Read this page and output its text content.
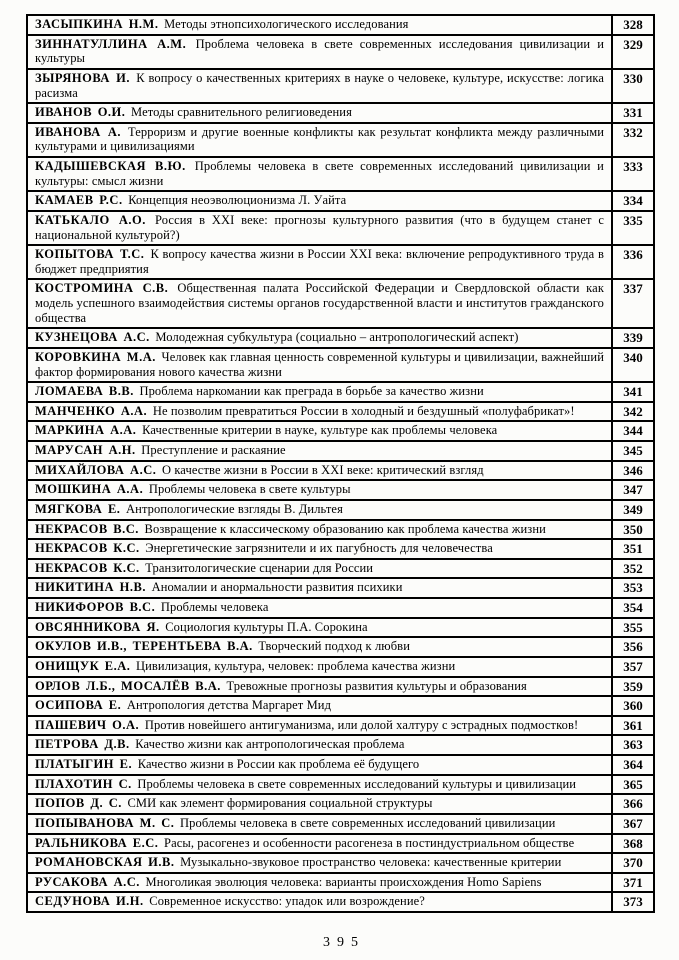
ЗАСЫПКИНА Н.М. Методы этнопсихологического исследования	328
ЗИННАТУЛЛИНА А.М. Проблема человека в свете современных исследования цивилизации и культуры	329
ЗЫРЯНОВА И. К вопросу о качественных критериях в науке о человеке, культуре, искусстве: логика расизма	330
ИВАНОВ О.И. Методы сравнительного религиоведения	331
ИВАНОВА А. Терроризм и другие военные конфликты как результат конфликта между различными культурами и цивилизациями	332
КАДЫШЕВСКАЯ В.Ю. Проблемы человека в свете современных исследований цивилизации и культуры: смысл жизни	333
КАМАЕВ Р.С. Концепция неоэволюционизма Л. Уайта	334
КАТЬКАЛО А.О. Россия в XXI веке: прогнозы культурного развития (что в будущем станет с национальной культурой?)	335
КОПЫТОВА Т.С. К вопросу качества жизни в России XXI века: включение репродуктивного труда в бюджет предприятия	336
КОСТРОМИНА С.В. Общественная палата Российской Федерации и Свердловской области как модель успешного взаимодействия системы органов государственной власти и институтов гражданского общества	337
КУЗНЕЦОВА А.С. Молодежная субкультура (социально – антропологический аспект)	339
КОРОВКИНА М.А. Человек как главная ценность современной культуры и цивилизации, важнейший фактор формирования нового качества жизни	340
ЛОМАЕВА В.В. Проблема наркомании как преграда в борьбе за качество жизни	341
МАНЧЕНКО А.А. Не позволим превратиться России в холодный и бездушный «полуфабрикат»!	342
МАРКИНА А.А. Качественные критерии в науке, культуре как проблемы человека	344
МАРУСАН А.Н. Преступление и раскаяние	345
МИХАЙЛОВА А.С. О качестве жизни в России в XXI веке: критический взгляд	346
МОШКИНА А.А. Проблемы человека в свете культуры	347
МЯГКОВА Е. Антропологические взгляды В. Дильтея	349
НЕКРАСОВ В.С. Возвращение к классическому образованию как проблема качества жизни	350
НЕКРАСОВ К.С. Энергетические загрязнители и их пагубность для человечества	351
НЕКРАСОВ К.С. Транзитологические сценарии для России	352
НИКИТИНА Н.В. Аномалии и анормальности развития психики	353
НИКИФОРОВ В.С. Проблемы человека	354
ОВСЯННИКОВА Я. Социология культуры П.А. Сорокина	355
ОКУЛОВ И.В., ТЕРЕНТЬЕВА В.А. Творческий подход к любви	356
ОНИЩУК Е.А. Цивилизация, культура, человек: проблема качества жизни	357
ОРЛОВ Л.Б., МОСАЛЁВ В.А. Тревожные прогнозы развития культуры и образования	359
ОСИПОВА Е. Антропология детства Маргарет Мид	360
ПАШЕВИЧ О.А. Против новейшего антигуманизма, или долой халтуру с эстрадных подмостков!	361
ПЕТРОВА Д.В. Качество жизни как антропологическая проблема	363
ПЛАТЫГИН Е. Качество жизни в России как проблема её будущего	364
ПЛАХОТИН С. Проблемы человека в свете современных исследований культуры и цивилизации	365
ПОПОВ Д. С. СМИ как элемент формирования социальной структуры	366
ПОПЫВАНОВА М. С. Проблемы человека в свете современных исследований цивилизации	367
РАЛЬНИКОВА Е.С. Расы, расогенез и особенности расогенеза в постиндустриальном обществе	368
РОМАНОВСКАЯ И.В. Музыкально-звуковое пространство человека: качественные критерии	370
РУСАКОВА А.С. Многоликая эволюция человека: варианты происхождения Homo Sapiens	371
СЕДУНОВА И.Н. Современное искусство: упадок или возрождение?	373
395
